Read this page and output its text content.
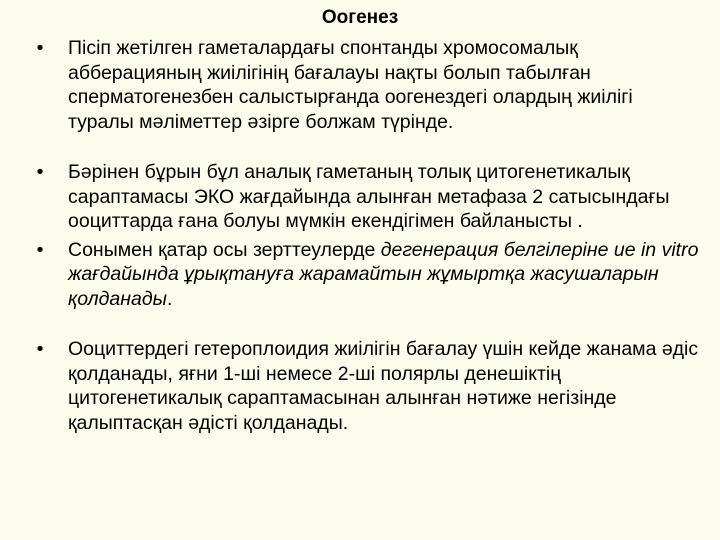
Оогенез
•	Пісіп жетілген гаметалардағы спонтанды хромосомалық абберацияның жиілігінің бағалауы нақты болып табылған сперматогенезбен салыстырғанда оогенездегі олардың жиілігі туралы мәліметтер әзірге болжам түрінде.
•	Бәрінен бұрын бұл аналық гаметаның толық цитогенетикалық сараптамасы ЭКО жағдайында алынған метафаза 2 сатысындағы ооциттарда ғана болуы мүмкін екендігімен байланысты .
•	Сонымен қатар осы зерттеулерде дегенерация белгілеріне ие in vitro жағдайында ұрықтануға жарамайтын жұмыртқа жасушаларын қолданады.
•	Ооциттердегі гетероплоидия жиілігін бағалау үшін кейде жанама әдіс қолданады, яғни 1-ші немесе 2-ші полярлы денешіктің цитогенетикалық сараптамасынан алынған нәтиже негізінде қалыптасқан әдісті қолданады.
